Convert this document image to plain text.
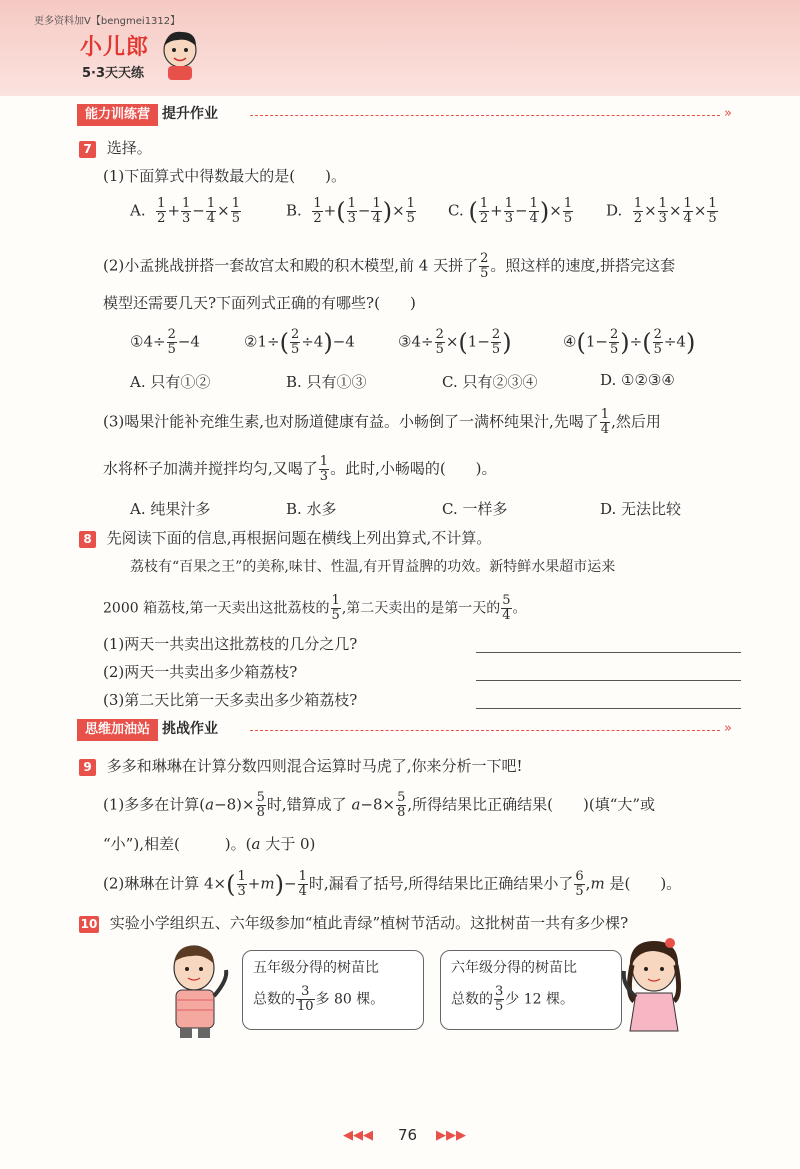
更多资料加V【bengmei1312】
小儿郎
5·3天天练
能力训练营 提升作业	»
7 选择。
(1)下面算式中得数最大的是(　　)。
A. $\frac{1}{2} + \frac{1}{3} - \frac{1}{4} \times \frac{1}{5}$	B. $\frac{1}{2}$ +( $\frac{1}{3} - \frac{1}{4}$ )× $\frac{1}{5} C$. ( $\frac{1}{2} + \frac{1}{3} - \frac{1}{4}$ )× $\frac{1}{5} D$. $\frac{1}{2} \times \frac{1}{3} \times \frac{1}{4} \times \frac{1}{5}$
(2)小孟挑战拼搭一套故宫太和殿的积木模型,前 4 天拼了 $\frac{2}{5}$ 。照这样的速度,拼搭完这套
模型还需要几天?下面列式正确的有哪些?(　　)
①4÷ $\frac{2}{5} -4$	②1÷( $\frac{2}{5} \div 4)-4$	③4÷ $\frac{2}{5} \times(1- \frac{2}{5}$ )	④(1− $\frac{2}{5}$ )÷( $\frac{2}{5} \div 4$)
A. 只有①②	B. 只有①③	C. 只有②③④	D. ①②③④
(3)喝果汁能补充维生素,也对肠道健康有益。小畅倒了一满杯纯果汁,先喝了 $\frac{1}{4}$ ,然后用
水将杯子加满并搅拌均匀,又喝了 $\frac{1}{3}$ 。此时,小畅喝的(　　)。
A. 纯果汁多	B. 水多	C. 一样多	D. 无法比较
8 先阅读下面的信息,再根据问题在横线上列出算式,不计算。
荔枝有“百果之王”的美称,味甘、性温,有开胃益脾的功效。新特鲜水果超市运来
2000 箱荔枝,第一天卖出这批荔枝的 $\frac{1}{5}$ ,第二天卖出的是第一天的 $\frac{5}{4}$ 。
(1)两天一共卖出这批荔枝的几分之几?
(2)两天一共卖出多少箱荔枝?
(3)第二天比第一天多卖出多少箱荔枝?
思维加油站 挑战作业	»
9 多多和琳琳在计算分数四则混合运算时马虎了,你来分析一下吧!
(1)多多在计算$(a-8)\times \frac{5}{8}$ 时,错算成了 $a-8\times \frac{5}{8}$ ,所得结果比正确结果(　　)(填“大”或
“小”),相差(　　　)。(a 大于 0)
(2)琳琳在计算 $4\times( \frac{1}{3} +m)- \frac{1}{4}$ 时,漏看了括号,所得结果比正确结果小了 $\frac{6}{5} ,m$ 是(　　)。
10 实验小学组织五、六年级参加“植此青绿”植树节活动。这批树苗一共有多少棵?
五年级分得的树苗比
总数的 $\frac{3}{10}$ 多 80 棵。
六年级分得的树苗比
总数的 $\frac{3}{5}$ 少 12 棵。
◀◀◀ 76 ▶▶▶
